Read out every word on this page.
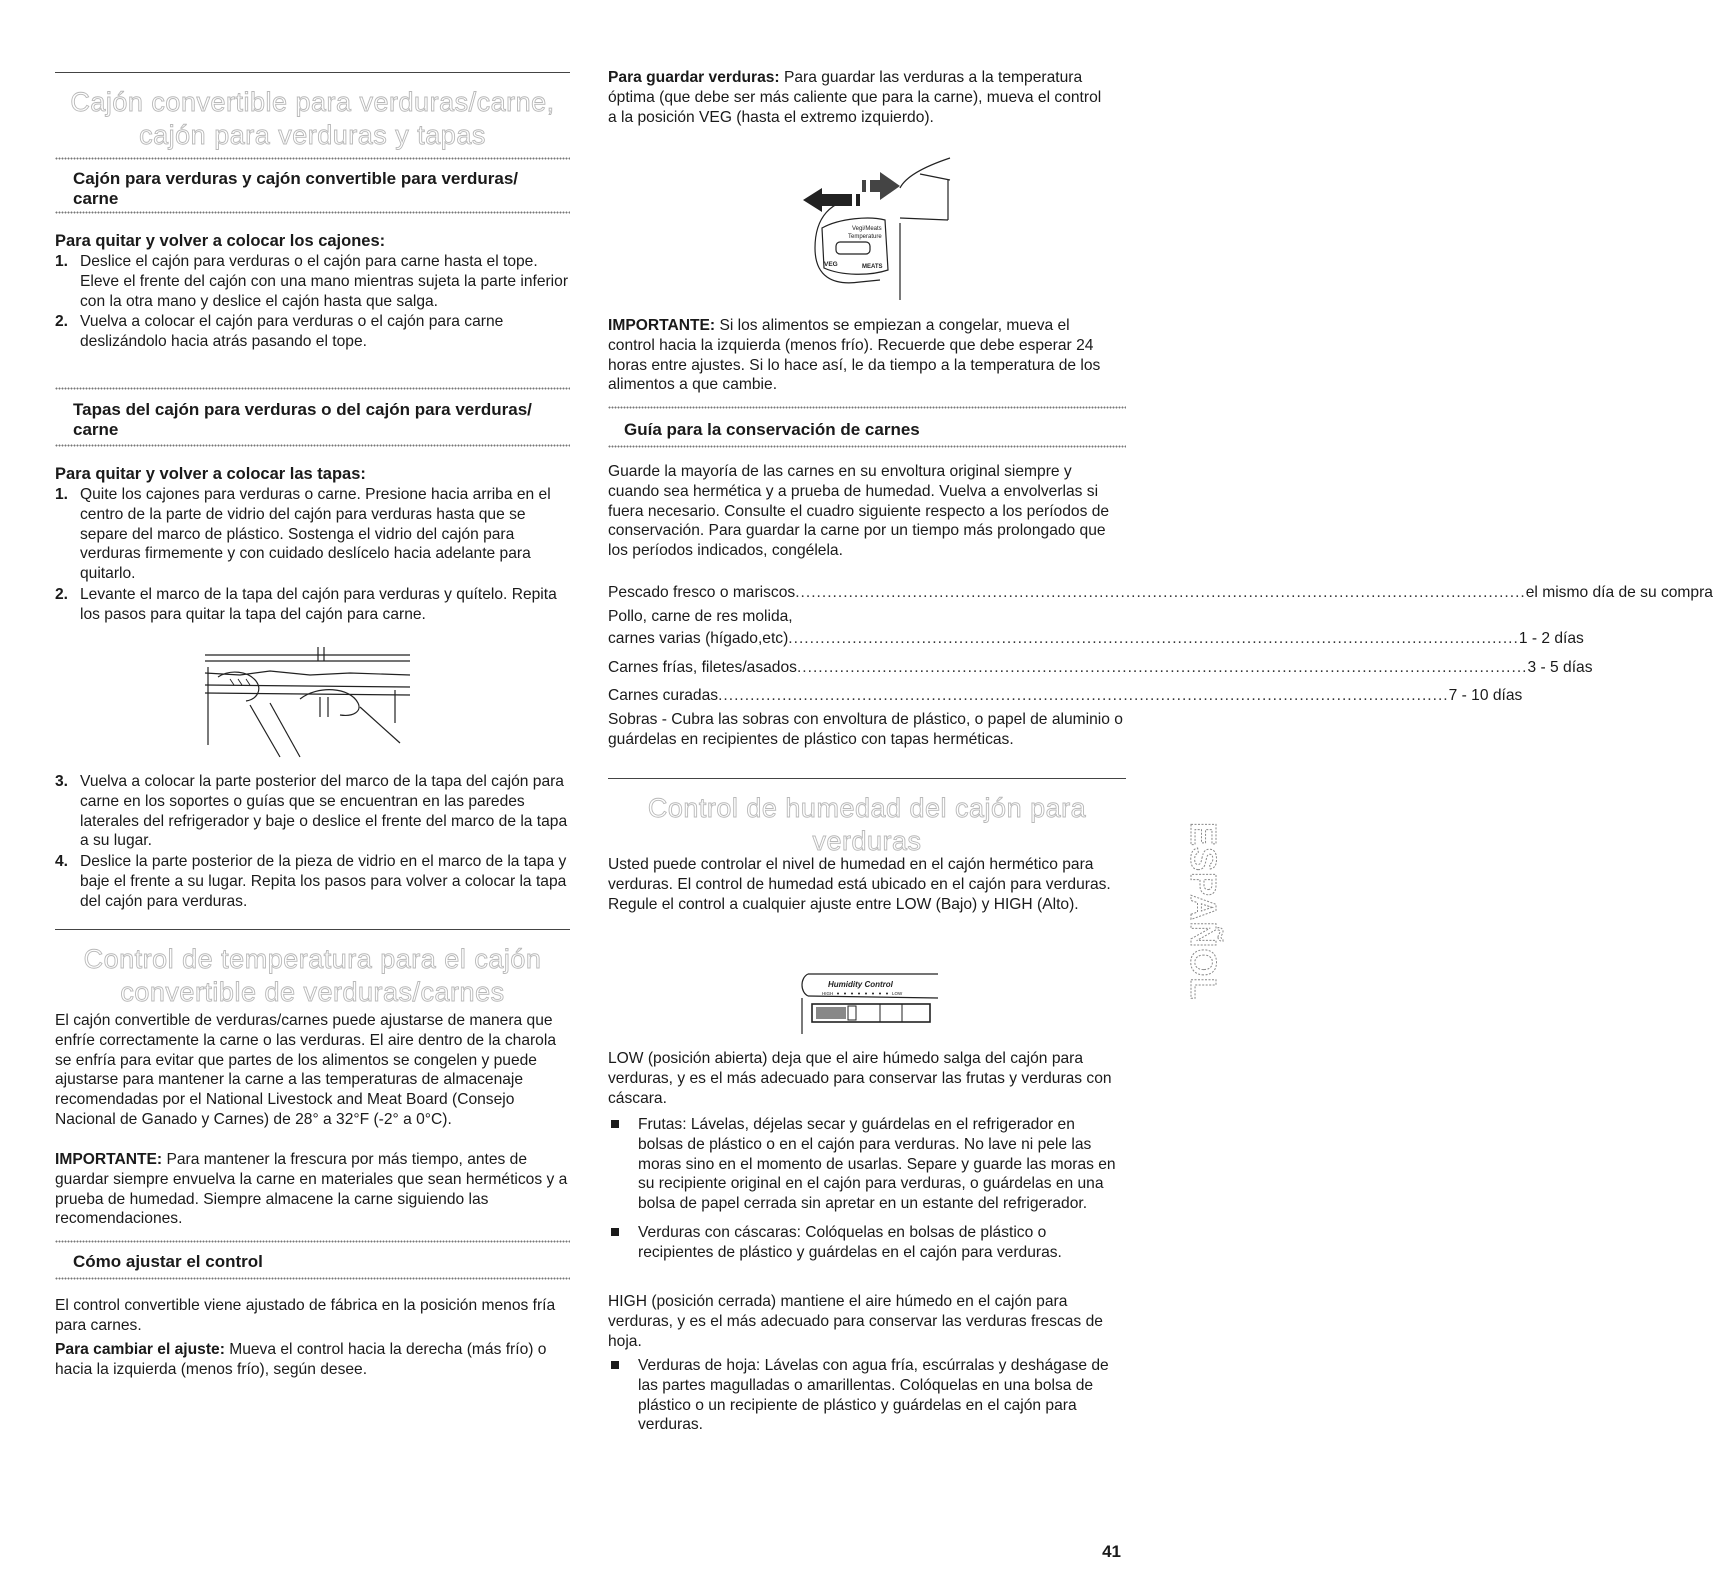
Cajón convertible para verduras/carne,
cajón para verduras y tapas
Cajón para verduras y cajón convertible para verduras/ carne
Para quitar y volver a colocar los cajones:
1. Deslice el cajón para verduras o el cajón para carne hasta el tope. Eleve el frente del cajón con una mano mientras sujeta la parte inferior con la otra mano y deslice el cajón hasta que salga.
2. Vuelva a colocar el cajón para verduras o el cajón para carne deslizándolo hacia atrás pasando el tope.
Tapas del cajón para verduras o del cajón para verduras/ carne
Para quitar y volver a colocar las tapas:
1. Quite los cajones para verduras o carne. Presione hacia arriba en el centro de la parte de vidrio del cajón para verduras hasta que se separe del marco de plástico. Sostenga el vidrio del cajón para verduras firmemente y con cuidado deslícelo hacia adelante para quitarlo.
2. Levante el marco de la tapa del cajón para verduras y quítelo. Repita los pasos para quitar la tapa del cajón para carne.
3. Vuelva a colocar la parte posterior del marco de la tapa del cajón para carne en los soportes o guías que se encuentran en las paredes laterales del refrigerador y baje o deslice el frente del marco de la tapa a su lugar.
4. Deslice la parte posterior de la pieza de vidrio en el marco de la tapa y baje el frente a su lugar. Repita los pasos para volver a colocar la tapa del cajón para verduras.
Control de temperatura para el cajón
convertible de verduras/carnes

El cajón convertible de verduras/carnes puede ajustarse de manera que enfríe correctamente la carne o las verduras. El aire dentro de la charola se enfría para evitar que partes de los alimentos se congelen y puede ajustarse para mantener la carne a las temperaturas de almacenaje recomendadas por el National Livestock and Meat Board (Consejo Nacional de Ganado y Carnes) de 28° a 32°F (-2° a 0°C).

IMPORTANTE: Para mantener la frescura por más tiempo, antes de guardar siempre envuelva la carne en materiales que sean herméticos y a prueba de humedad. Siempre almacene la carne siguiendo las recomendaciones.

Cómo ajustar el control

El control convertible viene ajustado de fábrica en la posición menos fría para carnes.

Para cambiar el ajuste: Mueva el control hacia la derecha (más frío) o hacia la izquierda (menos frío), según desee.

Para guardar verduras: Para guardar las verduras a la temperatura óptima (que debe ser más caliente que para la carne), mueva el control a la posición VEG (hasta el extremo izquierdo).

Vegi/Meats
Temperature
VEG	MEATS

IMPORTANTE: Si los alimentos se empiezan a congelar, mueva el control hacia la izquierda (menos frío). Recuerde que debe esperar 24 horas entre ajustes. Si lo hace así, le da tiempo a la temperatura de los alimentos a que cambie.

Guía para la conservación de carnes

Guarde la mayoría de las carnes en su envoltura original siempre y cuando sea hermética y a prueba de humedad. Vuelva a envolverlas si fuera necesario. Consulte el cuadro siguiente respecto a los períodos de conservación. Para guardar la carne por un tiempo más prolongado que los períodos indicados, congélela.

Pescado fresco o mariscos .....	el mismo día de su compra
Pollo, carne de res molida,
carnes varias (hígado,etc) .....	1 - 2 días
Carnes frías, filetes/asados .....	3 - 5 días
Carnes curadas .....	7 - 10 días

Sobras - Cubra las sobras con envoltura de plástico, o papel de aluminio o guárdelas en recipientes de plástico con tapas herméticas.

Control de humedad del cajón para
verduras

Usted puede controlar el nivel de humedad en el cajón hermético para verduras. El control de humedad está ubicado en el cajón para verduras. Regule el control a cualquier ajuste entre LOW (Bajo) y HIGH (Alto).

Humidity Control
HIGH	LOW

LOW (posición abierta) deja que el aire húmedo salga del cajón para verduras, y es el más adecuado para conservar las frutas y verduras con cáscara.

Frutas: Lávelas, déjelas secar y guárdelas en el refrigerador en bolsas de plástico o en el cajón para verduras. No lave ni pele las moras sino en el momento de usarlas. Separe y guarde las moras en su recipiente original en el cajón para verduras, o guárdelas en una bolsa de papel cerrada sin apretar en un estante del refrigerador.
Verduras con cáscaras: Colóquelas en bolsas de plástico o recipientes de plástico y guárdelas en el cajón para verduras.

HIGH (posición cerrada) mantiene el aire húmedo en el cajón para verduras, y es el más adecuado para conservar las verduras frescas de hoja.

Verduras de hoja: Lávelas con agua fría, escúrralas y deshágase de las partes magulladas o amarillentas. Colóquelas en una bolsa de plástico o un recipiente de plástico y guárdelas en el cajón para verduras.
ESPAÑOL
41
